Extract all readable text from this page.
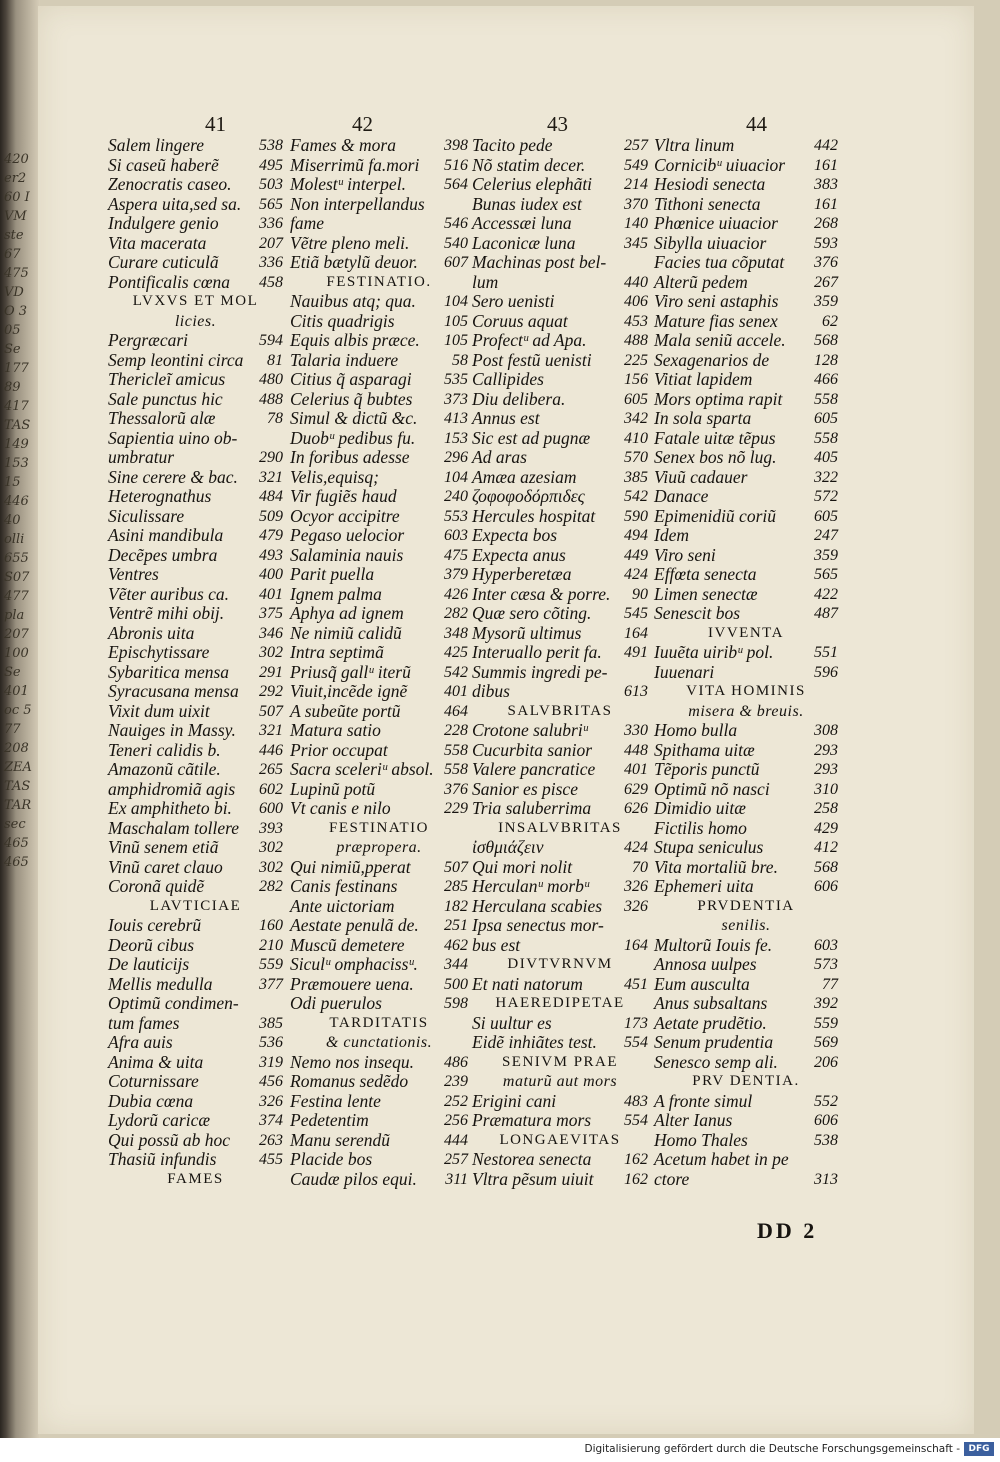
420 er260 IVM ste 67 475 VDO 305 Se 177 89 417 TAS 149 153 15 446 40 olli 655 S07 477 pla 207 100 Se 401 oc 577 208 ZEA TAS TAR sec 465 465
41	42	43	44
Salem lingere	538
Si caseũ haberẽ	495
Zenocratis caseo. 503
Aspera uita,sed sa. 565
Indulgere genio	336
Vita macerata	207
Curare cuticulã	336
Pontificalis cœna 458
LVXVS ET MOL
licies.
Pergræcari	594
Semp leontini circa 81
Thericleĩ amicus 480
Sale punctus hic 488
Thessalorũ alæ	78
Sapientia uino ob-
umbratur	290
Sine cerere & bac. 321
Heterognathus	484
Siculissare	509
Asini mandibula 479
Decẽpes umbra	493
Ventres	400
Vẽter auribus ca. 401
Ventrẽ mihi obij. 375
Abronis uita	346
Epischytissare	302
Sybaritica mensa 291
Syracusana mensa 292
Vixit dum uixit	507
Nauiges in Massy. 321
Teneri calidis b. 446
Amazonũ cãtile. 265
amphidromiã agis 602
Ex amphitheto bi. 600
Maschalam tollere 393
Vinũ senem etiã	302
Vinũ caret clauo 302
Coronã quidẽ	282
LAVTICIAE
Iouis cerebrũ	160
Deorũ cibus	210
De lauticijs	559
Mellis medulla	377
Optimũ condimen-
tum fames	385
Afra auis	536
Anima & uita	319
Coturnissare	456
Dubia cœna	326
Lydorũ caricæ	374
Qui possũ ab hoc 263
Thasiũ infundis	455
FAMES
Fames & mora	398
Miserrimũ fa.mori 516
Molestᵘ interpel. 564
Non interpellandus
fame	546
Vẽtre pleno meli. 540
Etiã bætylũ deuor. 607
FESTINATIO.
Nauibus atq; qua. 104
Citis quadrigis	105
Equis albis præce. 105
Talaria induere	58
Citius q̃ asparagi 535
Celerius q̃ bubtes 373
Simul & dictũ &c. 413
Duobᵘ pedibus fu. 153
In foribus adesse 296
Velis,equisq;	104
Vir fugiẽs haud	240
Ocyor accipitre	553
Pegaso uelocior 603
Salaminia nauis	475
Parit puella	379
Ignem palma	426
Aphya ad ignem	282
Ne nimiũ calidũ	348
Intra septimã	425
Priusq̃ gallᵘ iterũ 542
Viuit,incẽde ignẽ 401
A subeũte portũ	464
Matura satio	228
Prior occupat	558
Sacra sceleriᵘ absol. 558
Lupinũ potũ	376
Vt canis e nilo	229
FESTINATIO
præpropera.
Qui nimiũ,pperat 507
Canis festinans	285
Ante uictoriam	182
Aestate penulã de. 251
Muscũ demetere 462
Siculᵘ omphacissᵘ. 344
Præmouere uena. 500
Odi puerulos	598
TARDITATIS
& cunctationis.
Nemo nos insequ. 486
Romanus sedẽdo 239
Festina lente	252
Pedetentim	256
Manu serendũ	444
Placide bos	257
Caudæ pilos equi. 311
Tacito pede	257
Nõ statim decer. 549
Celerius elephãti 214
Bunas iudex est	370
Accessæi luna	140
Laconicæ luna	345
Machinas post bel-
lum	440
Sero uenisti	406
Coruus aquat	453
Profectᵘ ad Apa. 488
Post festũ uenisti 225
Callipides	156
Diu delibera.	605
Annus est	342
Sic est ad pugnæ 410
Ad aras	570
Amæa azesiam	385
ζοφοφοδόρπιδες 542
Hercules hospitat 590
Expecta bos	494
Expecta anus	449
Hyperberetæa	424
Inter cæsa & porre. 90
Quæ sero cõting. 545
Mysorũ ultimus	164
Interuallo perit fa. 491
Summis ingredi pe-
dibus	613
SALVBRITAS
Crotone salubriᵘ 330
Cucurbita sanior 448
Valere pancratice 401
Sanior es pisce	629
Tria saluberrima 626
INSALVBRITAS
ἰσθμιάζειν	424
Qui mori nolit	70
Herculanᵘ morbᵘ 326
Herculana scabies 326
Ipsa senectus mor-
bus est	164
DIVTVRNVM
Et nati natorum	451
HAEREDIPETAE
Si uultur es	173
Eidẽ inhiãtes test. 554
SENIVM PRAE
maturũ aut mors
Erigini cani	483
Præmatura mors 554
LONGAEVITAS
Nestorea senecta 162
Vltra pẽsum uiuit 162
Vltra linum	442
Cornicibᵘ uiuacior 161
Hesiodi senecta	383
Tithoni senecta	161
Phœnice uiuacior 268
Sibylla uiuacior	593
Facies tua cõputat 376
Alterũ pedem	267
Viro seni astaphis 359
Mature fias senex	62
Mala seniũ accele. 568
Sexagenarios de	128
Vitiat lapidem	466
Mors optima rapit 558
In sola sparta	605
Fatale uitæ tẽpus 558
Senex bos nõ lug. 405
Viuũ cadauer	322
Danace	572
Epimenidiũ coriũ 605
Idem	247
Viro seni	359
Effœta senecta	565
Limen senectæ	422
Senescit bos	487
IVVENTA
Iuuẽta uiribᵘ pol.	551
Iuuenari	596
VITA HOMINIS
misera & breuis.
Homo bulla	308
Spithama uitæ	293
Tẽporis punctũ	293
Optimũ nõ nasci	310
Dimidio uitæ	258
Fictilis homo	429
Stupa seniculus	412
Vita mortaliũ bre. 568
Ephemeri uita	606
PRVDENTIA
senilis.
Multorũ Iouis fe.	603
Annosa uulpes	573
Eum ausculta	77
Anus subsaltans	392
Aetate prudẽtio.	559
Senum prudentia	569
Senesco semp ali. 206
PRV DENTIA.
A fronte simul	552
Alter Ianus	606
Homo Thales	538
Acetum habet in pe
ctore	313
DD 2
Digitalisierung gefördert durch die Deutsche Forschungsgemeinschaft - DFG
